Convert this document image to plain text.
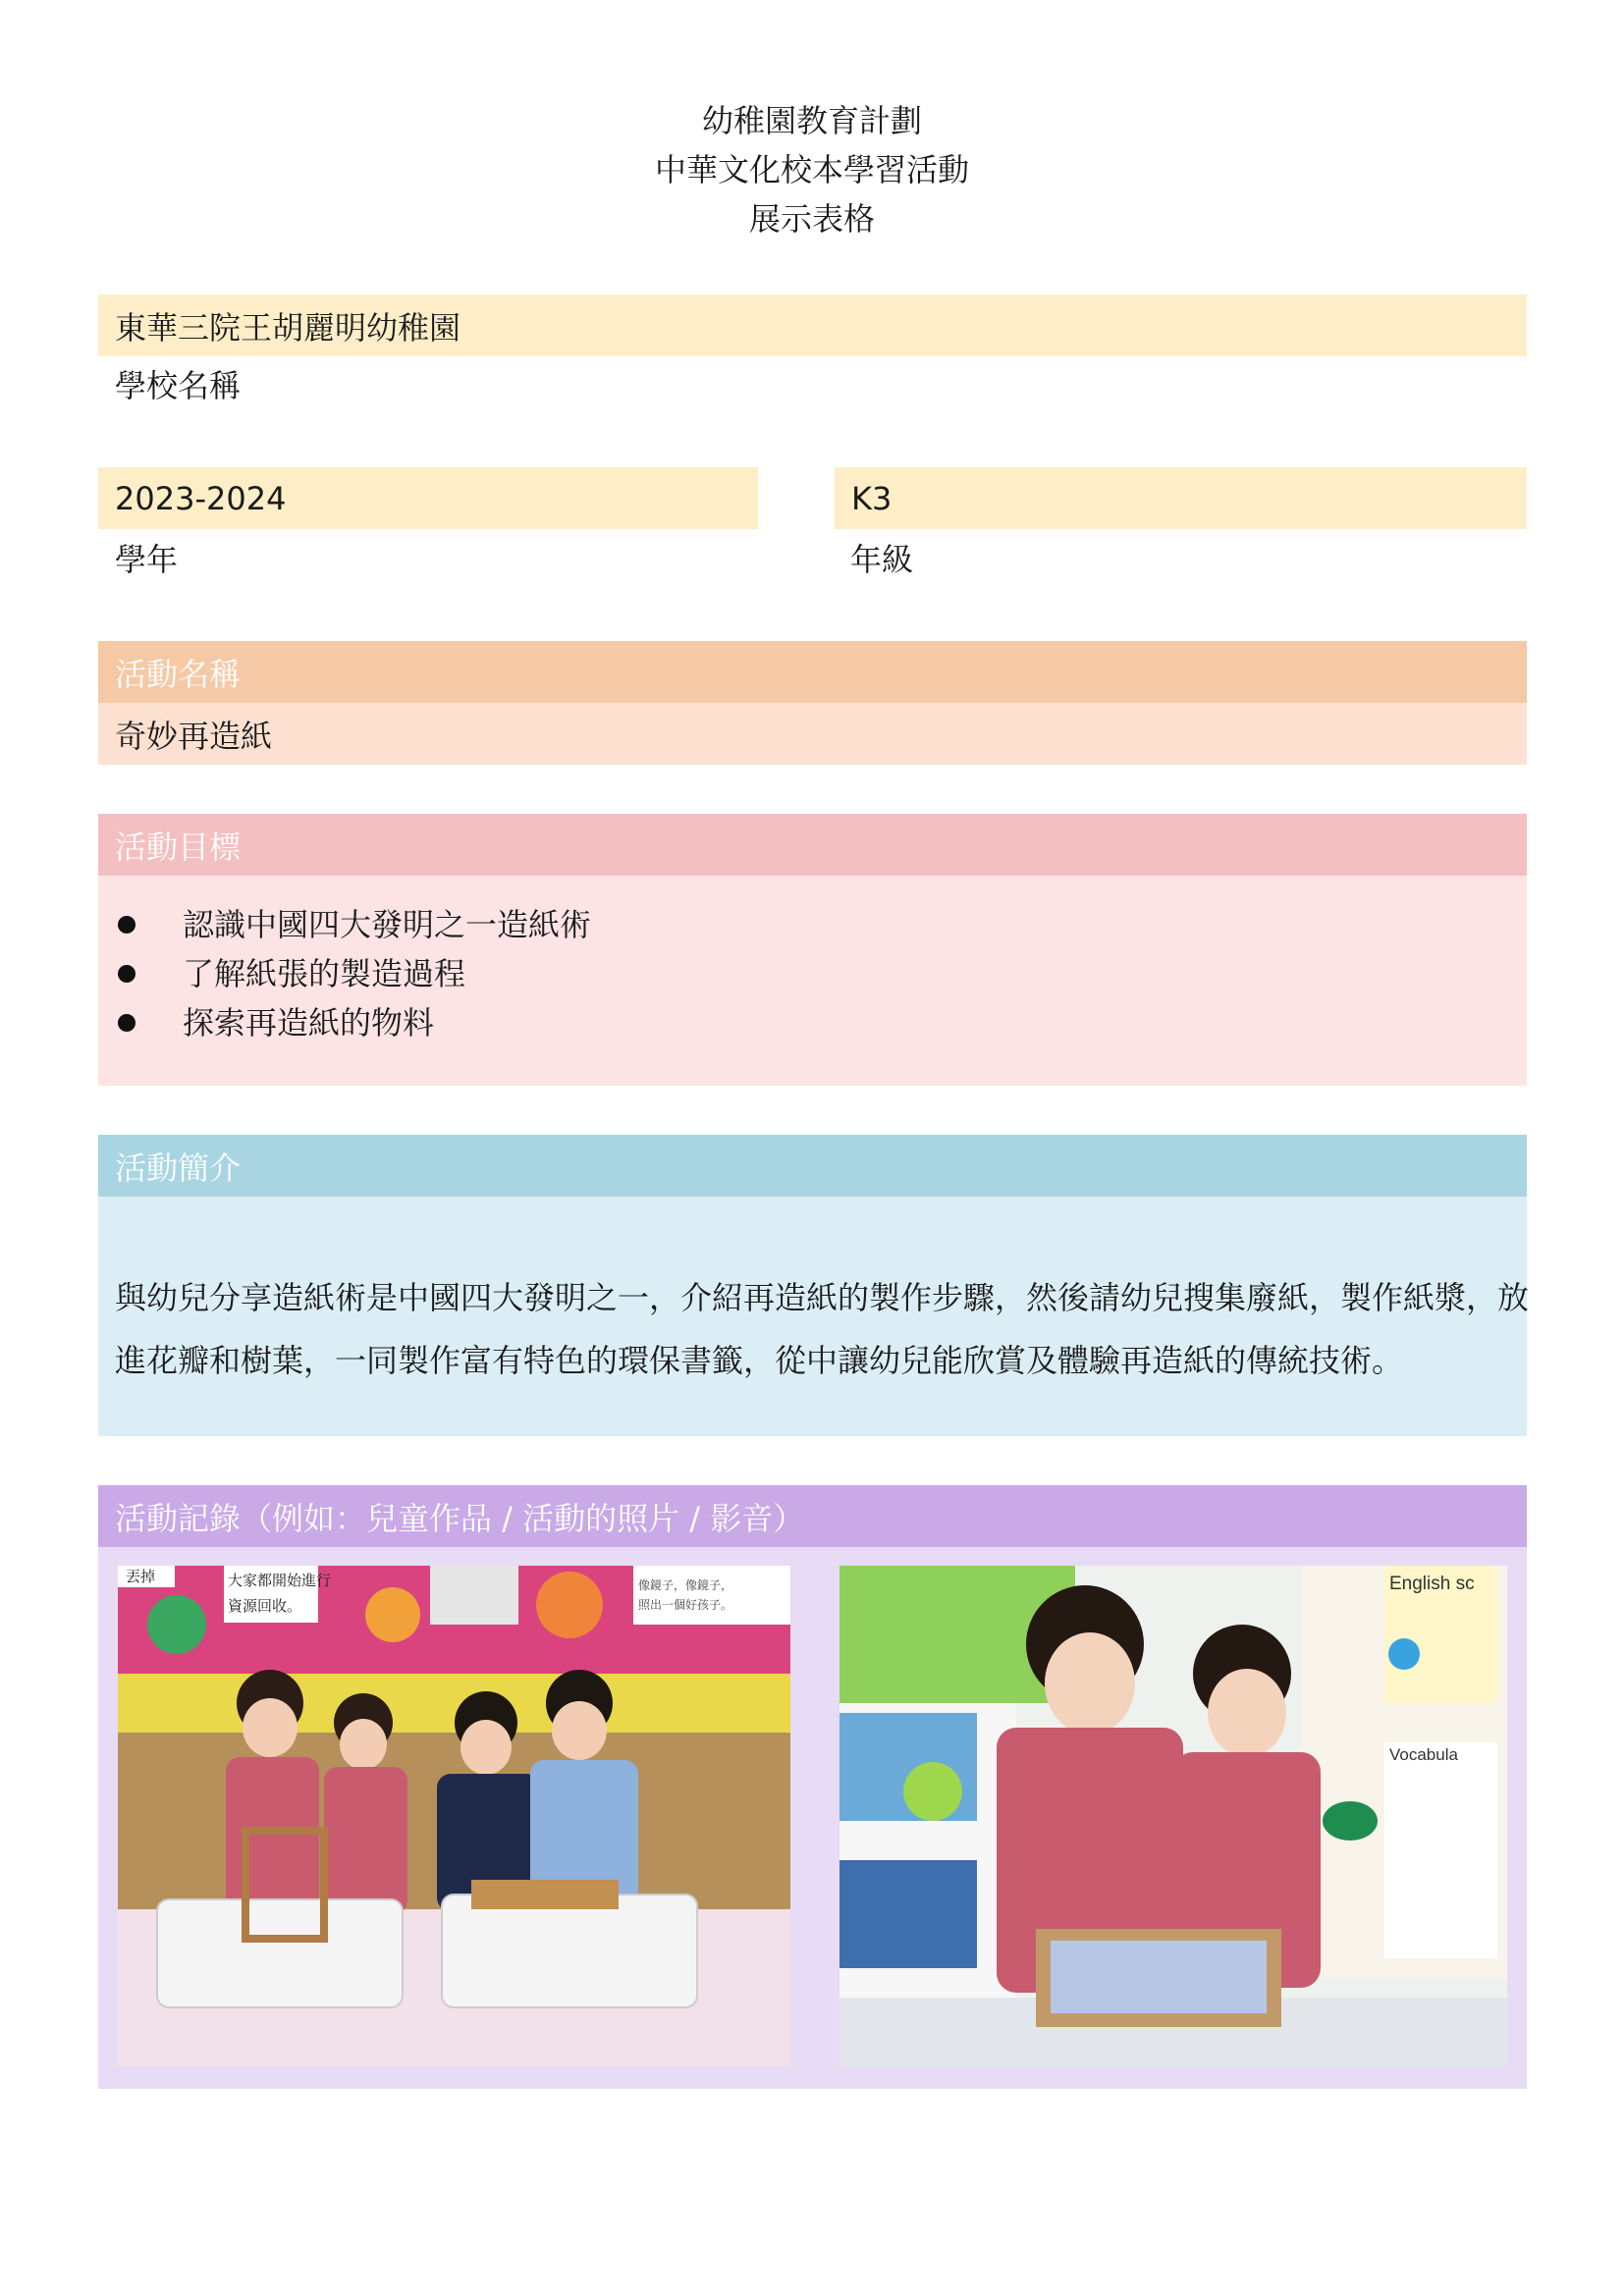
幼稚園教育計劃
中華文化校本學習活動
展示表格
東華三院王胡麗明幼稚園
學校名稱
2023-2024
學年
K3
年級
活動名稱
奇妙再造紙
活動目標
認識中國四大發明之一造紙術
了解紙張的製造過程
探索再造紙的物料
活動簡介

與幼兒分享造紙術是中國四大發明之一，介紹再造紙的製作步驟，然後請幼兒搜集廢紙，製作紙漿，放進花瓣和樹葉，一同製作富有特色的環保書籤，從中讓幼兒能欣賞及體驗再造紙的傳統技術。

活動記錄（例如：兒童作品 / 活動的照片 / 影音）
丟掉	大家都開始進行
資源回收。
像鏡子，像鏡子，
照出一個好孩子。
English sc
Vocabula
